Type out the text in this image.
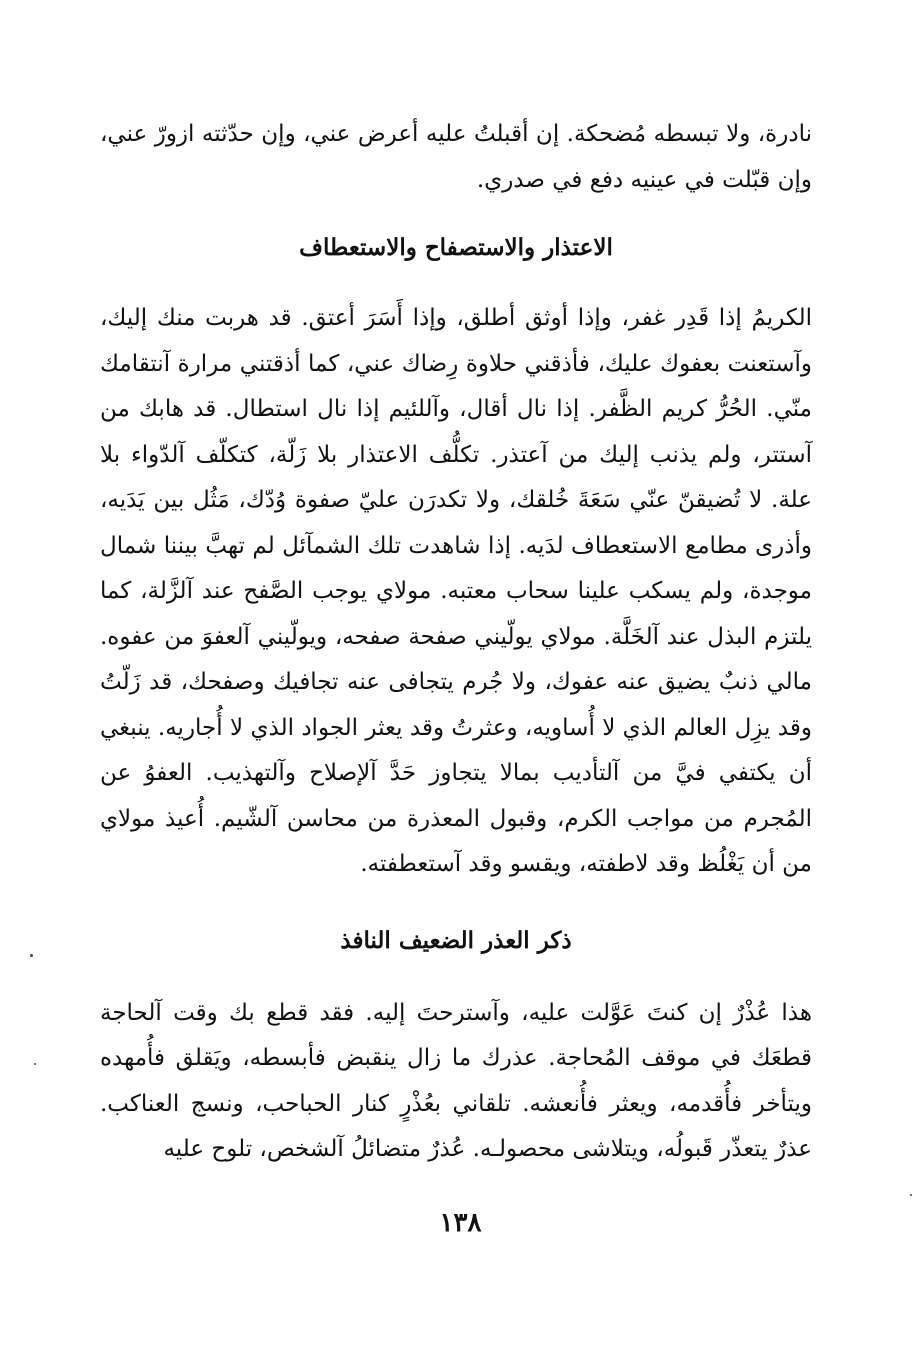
نادرة، ولا تبسطه مُضحكة. إن أقبلتُ عليه أعرض عني، وإن حدّثته ازورّ عني، وإن قبّلت في عينيه دفع في صدري.

الاعتذار والاستصفاح والاستعطاف

الكريمُ إذا قَدِر غفر، وإذا أوثق أطلق، وإذا أَسَرَ أعتق. قد هربت منك إليك، وآستعنت بعفوك عليك، فأذقني حلاوة رِضاك عني، كما أذقتني مرارة آنتقامك منّي. الحُرُّ كريم الظَّفر. إذا نال أقال، وآللئيم إذا نال استطال. قد هابك من آستتر، ولم يذنب إليك من آعتذر. تكلُّف الاعتذار بلا زَلّة، كتكلّف آلدّواء بلا علة. لا تُضيقنّ عنّي سَعَةَ خُلقك، ولا تكدرَن عليّ صفوة وُدّك، مَثُل بين يَدَيه، وأذرى مطامع الاستعطاف لدَيه. إذا شاهدت تلك الشمآئل لم تهبَّ بيننا شمال موجدة، ولم يسكب علينا سحاب معتبه. مولاي يوجب الصَّفح عند آلزَّلة، كما يلتزم البذل عند آلخَلَّة. مولاي يولّيني صفحة صفحه، ويولّيني آلعفوَ من عفوه. مالي ذنبٌ يضيق عنه عفوك، ولا جُرم يتجافى عنه تجافيك وصفحك، قد زَلّتُ وقد يزِل العالم الذي لا أُساويه، وعثرتُ وقد يعثر الجواد الذي لا أُجاريه. ينبغي أن يكتفي فيَّ من آلتأديب بمالا يتجاوز حَدَّ آلإصلاح وآلتهذيب. العفوُ عن المُجرم من مواجب الكرم، وقبول المعذرة من محاسن آلشّيم. أُعيذ مولاي من أن يَغْلُظ وقد لاطفته، ويقسو وقد آستعطفته.

ذكر العذر الضعيف النافذ

هذا عُذْرٌ إن كنتَ عَوَّلت عليه، وآسترحتَ إليه. فقد قطع بك وقت آلحاجة قطعَك في موقف المُحاجة. عذرك ما زال ينقبض فأبسطه، ويَقلق فأُمهده ويتأخر فأُقدمه، ويعثر فأُنعشه. تلقاني بعُذْرٍ كنار الحباحب، ونسج العناكب. عذرٌ يتعذّر قَبولُه، ويتلاشى محصولـه. عُذرٌ متضائلُ آلشخص، تلوح عليه

١٣٨
